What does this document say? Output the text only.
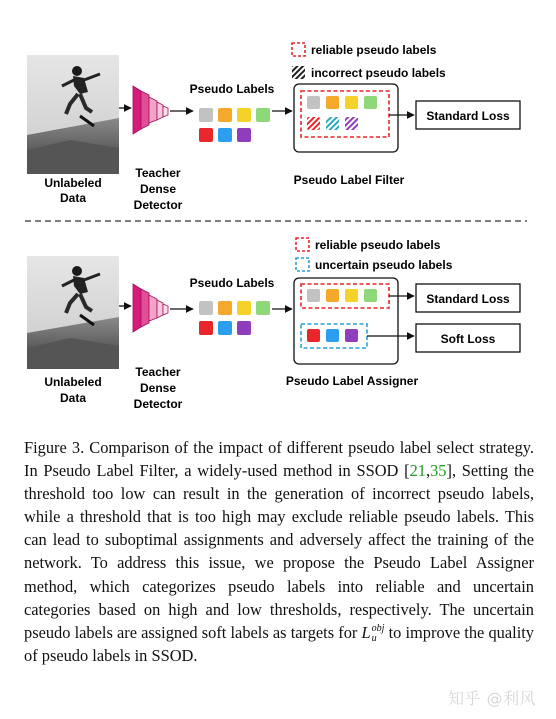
Unlabeled
Data
Teacher
Dense
Detector
Pseudo Labels
reliable pseudo labels
incorrect pseudo labels
Pseudo Label Filter
Standard Loss
Unlabeled
Data
Teacher
Dense
Detector
Pseudo Labels
reliable pseudo labels
uncertain pseudo labels
Pseudo Label Assigner
Standard Loss
Soft Loss
Figure 3. Comparison of the impact of different pseudo label select strategy. In Pseudo Label Filter, a widely-used method in SSOD [21,35], Setting the threshold too low can result in the generation of incorrect pseudo labels, while a threshold that is too high may exclude reliable pseudo labels. This can lead to suboptimal assignments and adversely affect the training of the network. To address this issue, we propose the Pseudo Label Assigner method, which categorizes pseudo labels into reliable and uncertain categories based on high and low thresholds, respectively. The uncertain pseudo labels are assigned soft labels as targets for L obj
u to improve the quality of pseudo labels in SSOD.
知乎 @利风
